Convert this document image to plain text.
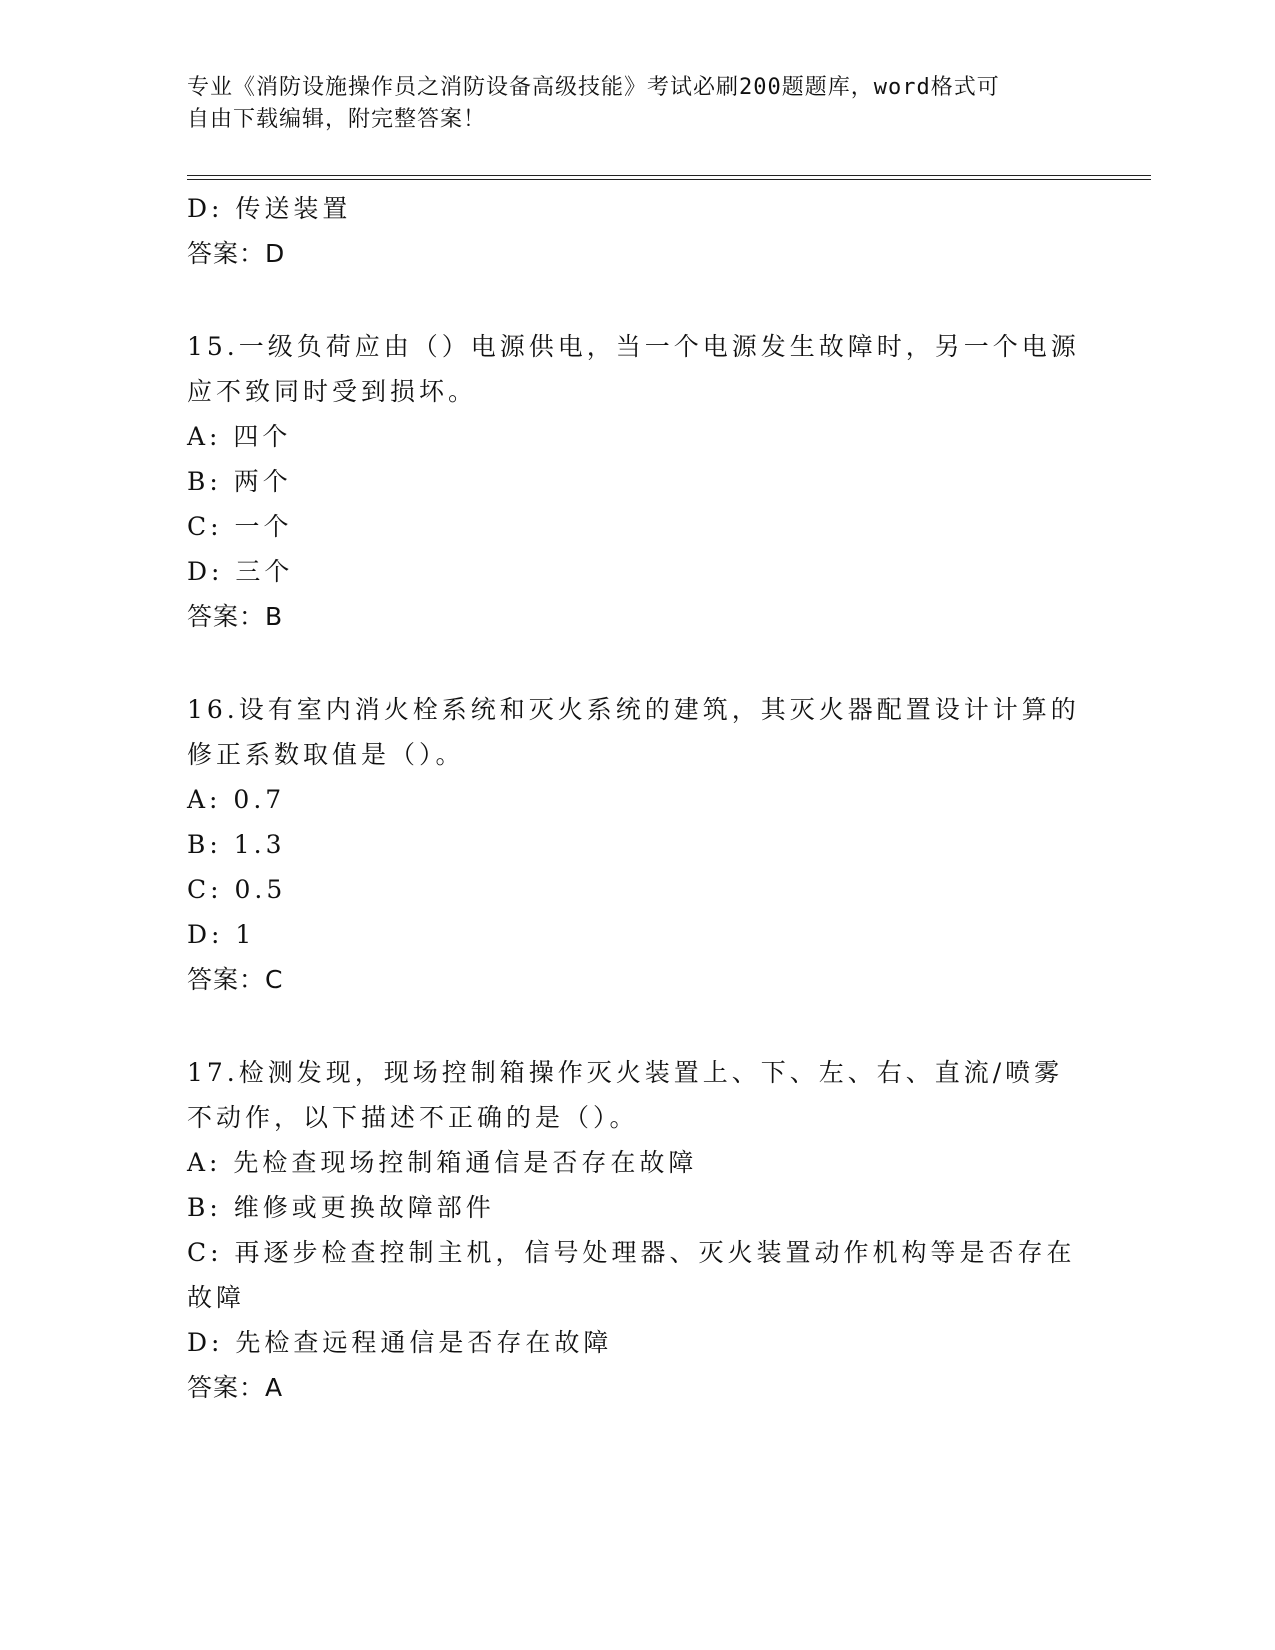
专业《消防设施操作员之消防设备高级技能》考试必刷200题题库，word格式可
自由下载编辑，附完整答案！
D: 传送装置
答案：D
15.一级负荷应由（）电源供电，当一个电源发生故障时，另一个电源
应不致同时受到损坏。
A: 四个
B: 两个
C: 一个
D: 三个
答案：B
16.设有室内消火栓系统和灭火系统的建筑，其灭火器配置设计计算的
修正系数取值是（）。
A: 0.7
B: 1.3
C: 0.5
D: 1
答案：C
17.检测发现，现场控制箱操作灭火装置上、下、左、右、直流/喷雾
不动作，以下描述不正确的是（）。
A: 先检查现场控制箱通信是否存在故障
B: 维修或更换故障部件
C: 再逐步检查控制主机，信号处理器、灭火装置动作机构等是否存在
故障
D: 先检查远程通信是否存在故障
答案：A
